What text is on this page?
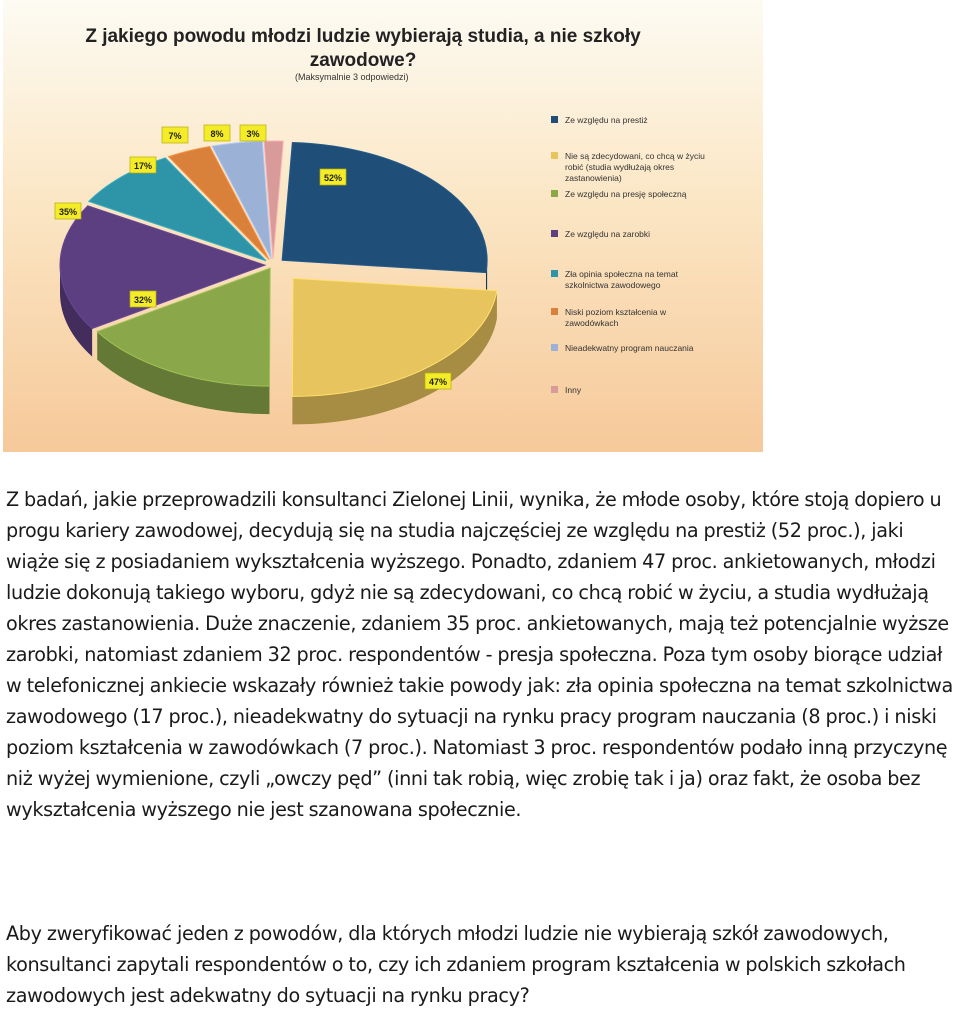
Z jakiego powodu młodzi ludzie wybierają studia, a nie szkoły
zawodowe?
(Maksymalnie 3 odpowiedzi)
52%
47%
32%
35%
17%
7%	8%	3%
Ze względu na prestiż
Nie są zdecydowani, co chcą w życiu
robić (studia wydłużają okres
zastanowienia)
Ze względu na presję społeczną
Ze względu na zarobki
Zła opinia społeczna na temat
szkolnictwa zawodowego
Niski poziom kształcenia w
zawodówkach
Nieadekwatny program nauczania
Inny

Z badań, jakie przeprowadzili konsultanci Zielonej Linii, wynika, że młode osoby, które stoją dopiero u progu kariery zawodowej, decydują się na studia najczęściej ze względu na prestiż (52 proc.), jaki wiąże się z posiadaniem wykształcenia wyższego. Ponadto, zdaniem 47 proc. ankietowanych, młodzi ludzie dokonują takiego wyboru, gdyż nie są zdecydowani, co chcą robić w życiu, a studia wydłużają okres zastanowienia. Duże znaczenie, zdaniem 35 proc. ankietowanych, mają też potencjalnie wyższe zarobki, natomiast zdaniem 32 proc. respondentów - presja społeczna. Poza tym osoby biorące udział w telefonicznej ankiecie wskazały również takie powody jak: zła opinia społeczna na temat szkolnictwa zawodowego (17 proc.), nieadekwatny do sytuacji na rynku pracy program nauczania (8 proc.) i niski poziom kształcenia w zawodówkach (7 proc.). Natomiast 3 proc. respondentów podało inną przyczynę niż wyżej wymienione, czyli „owczy pęd” (inni tak robią, więc zrobię tak i ja) oraz fakt, że osoba bez wykształcenia wyższego nie jest szanowana społecznie.

Aby zweryfikować jeden z powodów, dla których młodzi ludzie nie wybierają szkół zawodowych, konsultanci zapytali respondentów o to, czy ich zdaniem program kształcenia w polskich szkołach zawodowych jest adekwatny do sytuacji na rynku pracy?
